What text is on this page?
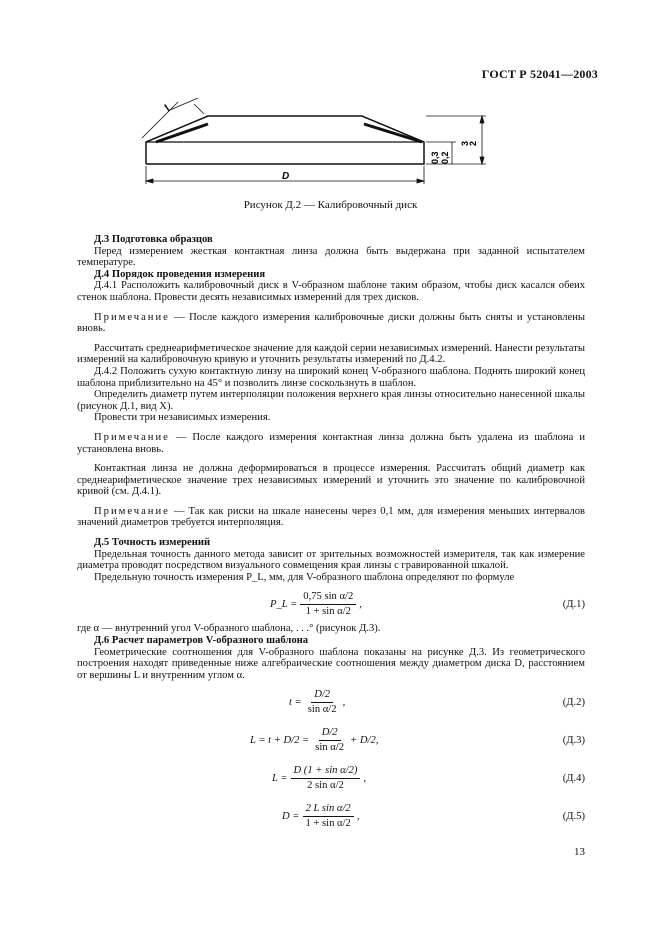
ГОСТ Р 52041—2003
l
D
0,3 0,2
3
2
Рисунок Д.2 — Калибровочный диск

Д.3 Подготовка образцов

Перед измерением жесткая контактная линза должна быть выдержана при заданной испытателем температуре.

Д.4 Порядок проведения измерения

Д.4.1 Расположить калибровочный диск в V-образном шаблоне таким образом, чтобы диск касался обеих стенок шаблона. Провести десять независимых измерений для трех дисков.

Примечание — После каждого измерения калибровочные диски должны быть сняты и установлены вновь.

Рассчитать среднеарифметическое значение для каждой серии независимых измерений. Нанести результаты измерений на калибровочную кривую и уточнить результаты измерений по Д.4.2.

Д.4.2 Положить сухую контактную линзу на широкий конец V-образного шаблона. Поднять широкий конец шаблона приблизительно на 45° и позволить линзе соскользнуть в шаблон.

Определить диаметр путем интерполяции положения верхнего края линзы относительно нанесенной шкалы (рисунок Д.1, вид Х).

Провести три независимых измерения.

Примечание — После каждого измерения контактная линза должна быть удалена из шаблона и установлена вновь.

Контактная линза не должна деформироваться в процессе измерения. Рассчитать общий диаметр как среднеарифметическое значение трех независимых измерений и уточнить это значение по калибровочной кривой (см. Д.4.1).

Примечание — Так как риски на шкале нанесены через 0,1 мм, для измерения меньших интервалов значений диаметров требуется интерполяция.

Д.5 Точность измерений

Предельная точность данного метода зависит от зрительных возможностей измерителя, так как измерение диаметра проводят посредством визуального совмещения края линзы с гравированной шкалой.

Предельную точность измерения P_L, мм, для V-образного шаблона определяют по формуле

P_L = $\frac{\text{0,75 sin α/2}}{\text{1 + sin α/2}}$ ,	(Д.1)

где α — внутренний угол V-образного шаблона, . . .° (рисунок Д.3).

Д.6 Расчет параметров V-образного шаблона

Геометрические соотношения для V-образного шаблона показаны на рисунке Д.3. Из геометрического построения находят приведенные ниже алгебраические соотношения между диаметром диска D, расстоянием от вершины L и внутренним углом α.

$t = \frac{D/2}{\text{sin α/2}}$ ,	(Д.2)
$L = t + D/2 = \frac{D/2}{\text{sin α/2}} + D/2$,	(Д.3)
$L = \frac{\text{D (1 + sin α/2)}}{\text{2 sin α/2}}$ ,	(Д.4)
$D = \frac{\text{2 L sin α/2}}{\text{1 + sin α/2}}$ ,	(Д.5)
13
